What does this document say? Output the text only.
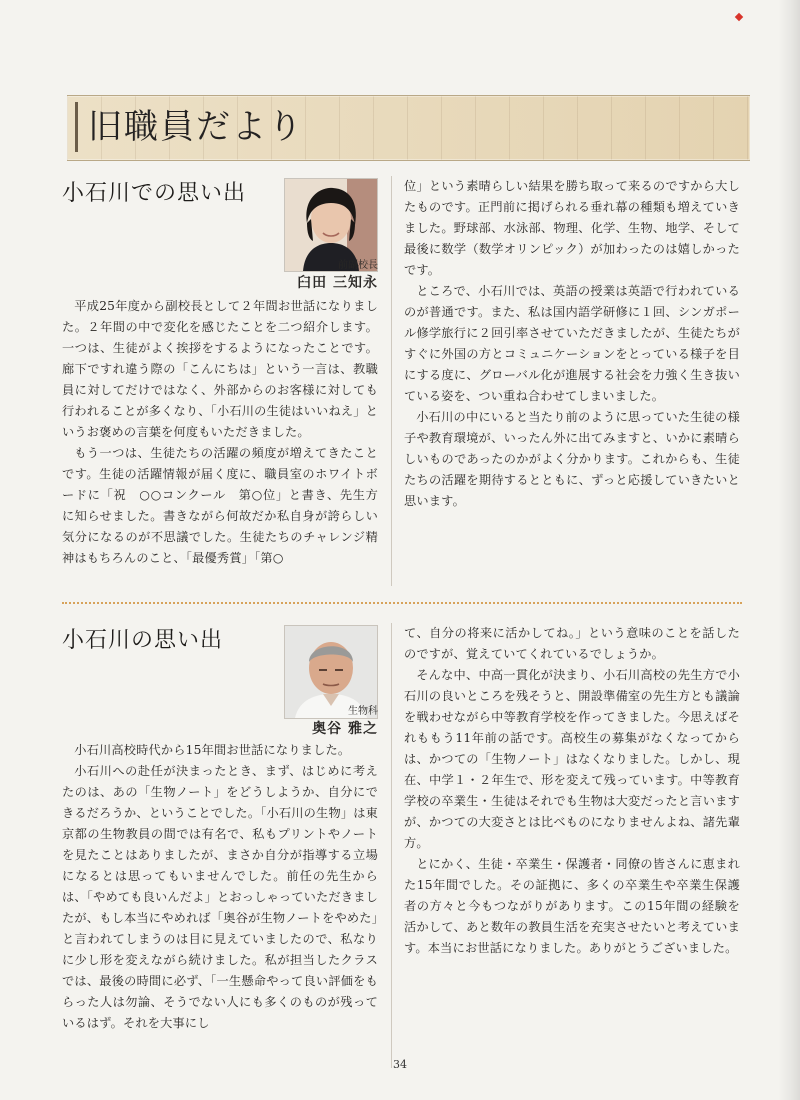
旧職員だより
小石川での思い出
前副校長
臼田 三知永

平成25年度から副校長として２年間お世話になりました。２年間の中で変化を感じたことを二つ紹介します。一つは、生徒がよく挨拶をするようになったことです。廊下ですれ違う際の「こんにちは」という一言は、教職員に対してだけではなく、外部からのお客様に対しても行われることが多くなり、「小石川の生徒はいいねえ」というお褒めの言葉を何度もいただきました。

もう一つは、生徒たちの活躍の頻度が増えてきたことです。生徒の活躍情報が届く度に、職員室のホワイトボードに「祝　○○コンクール　第○位」と書き、先生方に知らせました。書きながら何故だか私自身が誇らしい気分になるのが不思議でした。生徒たちのチャレンジ精神はもちろんのこと、「最優秀賞」「第○

位」という素晴らしい結果を勝ち取って来るのですから大したものです。正門前に掲げられる垂れ幕の種類も増えていきました。野球部、水泳部、物理、化学、生物、地学、そして最後に数学（数学オリンピック）が加わったのは嬉しかったです。

ところで、小石川では、英語の授業は英語で行われているのが普通です。また、私は国内語学研修に１回、シンガポール修学旅行に２回引率させていただきましたが、生徒たちがすぐに外国の方とコミュニケーションをとっている様子を目にする度に、グローバル化が進展する社会を力強く生き抜いている姿を、つい重ね合わせてしまいました。

小石川の中にいると当たり前のように思っていた生徒の様子や教育環境が、いったん外に出てみますと、いかに素晴らしいものであったのかがよく分かります。これからも、生徒たちの活躍を期待するとともに、ずっと応援していきたいと思います。

小石川の思い出
生物科
奥谷 雅之

小石川高校時代から15年間お世話になりました。

小石川への赴任が決まったとき、まず、はじめに考えたのは、あの「生物ノート」をどうしようか、自分にできるだろうか、ということでした。「小石川の生物」は東京都の生物教員の間では有名で、私もプリントやノートを見たことはありましたが、まさか自分が指導する立場になるとは思ってもいませんでした。前任の先生からは、「やめても良いんだよ」とおっしゃっていただきましたが、もし本当にやめれば「奥谷が生物ノートをやめた」と言われてしまうのは目に見えていましたので、私なりに少し形を変えながら続けました。私が担当したクラスでは、最後の時間に必ず、「一生懸命やって良い評価をもらった人は勿論、そうでない人にも多くのものが残っているはず。それを大事にし

て、自分の将来に活かしてね。」という意味のことを話したのですが、覚えていてくれているでしょうか。

そんな中、中高一貫化が決まり、小石川高校の先生方で小石川の良いところを残そうと、開設準備室の先生方とも議論を戦わせながら中等教育学校を作ってきました。今思えばそれももう11年前の話です。高校生の募集がなくなってからは、かつての「生物ノート」はなくなりました。しかし、現在、中学１・２年生で、形を変えて残っています。中等教育学校の卒業生・生徒はそれでも生物は大変だったと言いますが、かつての大変さとは比べものになりませんよね、諸先輩方。

とにかく、生徒・卒業生・保護者・同僚の皆さんに恵まれた15年間でした。その証拠に、多くの卒業生や卒業生保護者の方々と今もつながりがあります。この15年間の経験を活かして、あと数年の教員生活を充実させたいと考えています。本当にお世話になりました。ありがとうございました。

34
